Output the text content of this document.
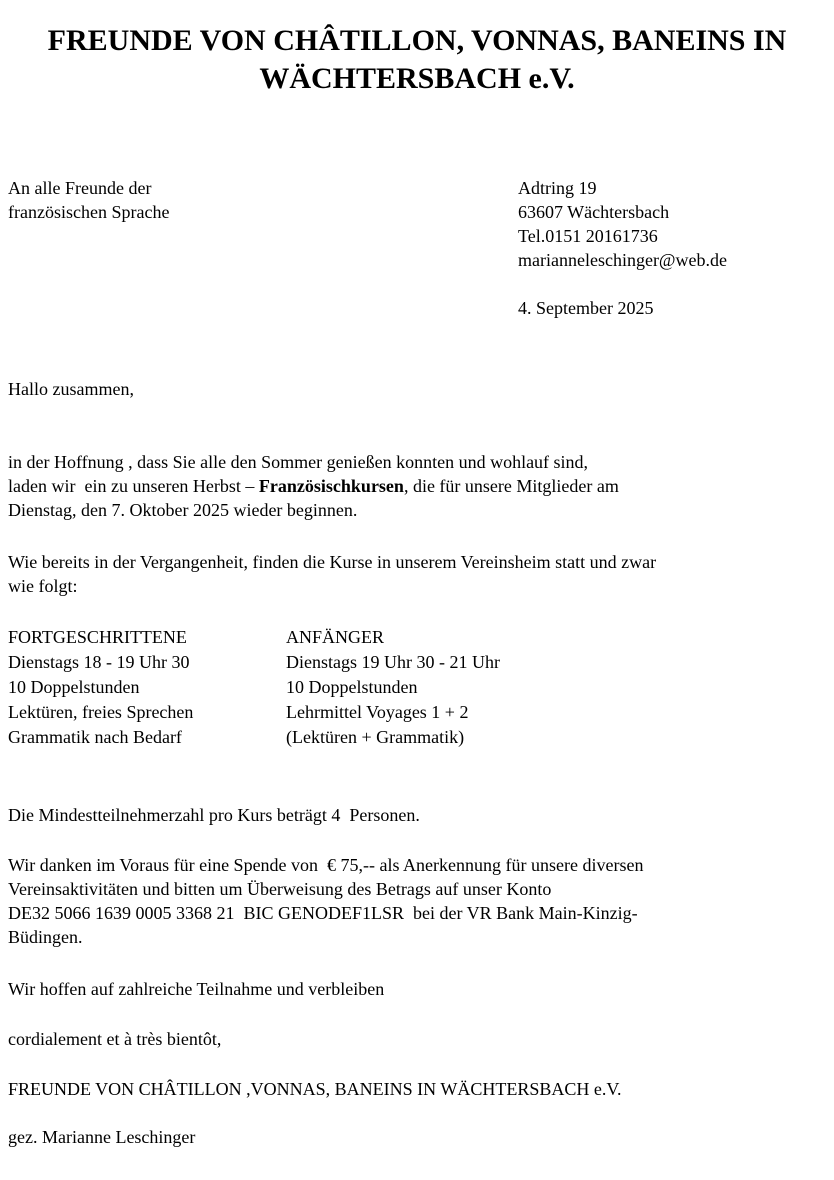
FREUNDE VON CHÂTILLON, VONNAS, BANEINS IN
WÄCHTERSBACH e.V.
An alle Freunde der
französischen Sprache
Adtring 19
63607 Wächtersbach
Tel.0151 20161736
marianneleschinger@web.de
4. September 2025
Hallo zusammen,
in der Hoffnung , dass Sie alle den Sommer genießen konnten und wohlauf sind,
laden wir  ein zu unseren Herbst – Französischkursen, die für unsere Mitglieder am
Dienstag, den 7. Oktober 2025 wieder beginnen.
Wie bereits in der Vergangenheit, finden die Kurse in unserem Vereinsheim statt und zwar
wie folgt:
FORTGESCHRITTENE
Dienstags 18 - 19 Uhr 30
10 Doppelstunden
Lektüren, freies Sprechen
Grammatik nach Bedarf
ANFÄNGER
Dienstags 19 Uhr 30 - 21 Uhr
10 Doppelstunden
Lehrmittel Voyages 1 + 2
(Lektüren + Grammatik)
Die Mindestteilnehmerzahl pro Kurs beträgt 4  Personen.
Wir danken im Voraus für eine Spende von  € 75,-- als Anerkennung für unsere diversen
Vereinsaktivitäten und bitten um Überweisung des Betrags auf unser Konto
DE32 5066 1639 0005 3368 21  BIC GENODEF1LSR  bei der VR Bank Main-Kinzig-
Büdingen.
Wir hoffen auf zahlreiche Teilnahme und verbleiben
cordialement et à très bientôt,
FREUNDE VON CHÂTILLON ,VONNAS, BANEINS IN WÄCHTERSBACH e.V.
gez. Marianne Leschinger
